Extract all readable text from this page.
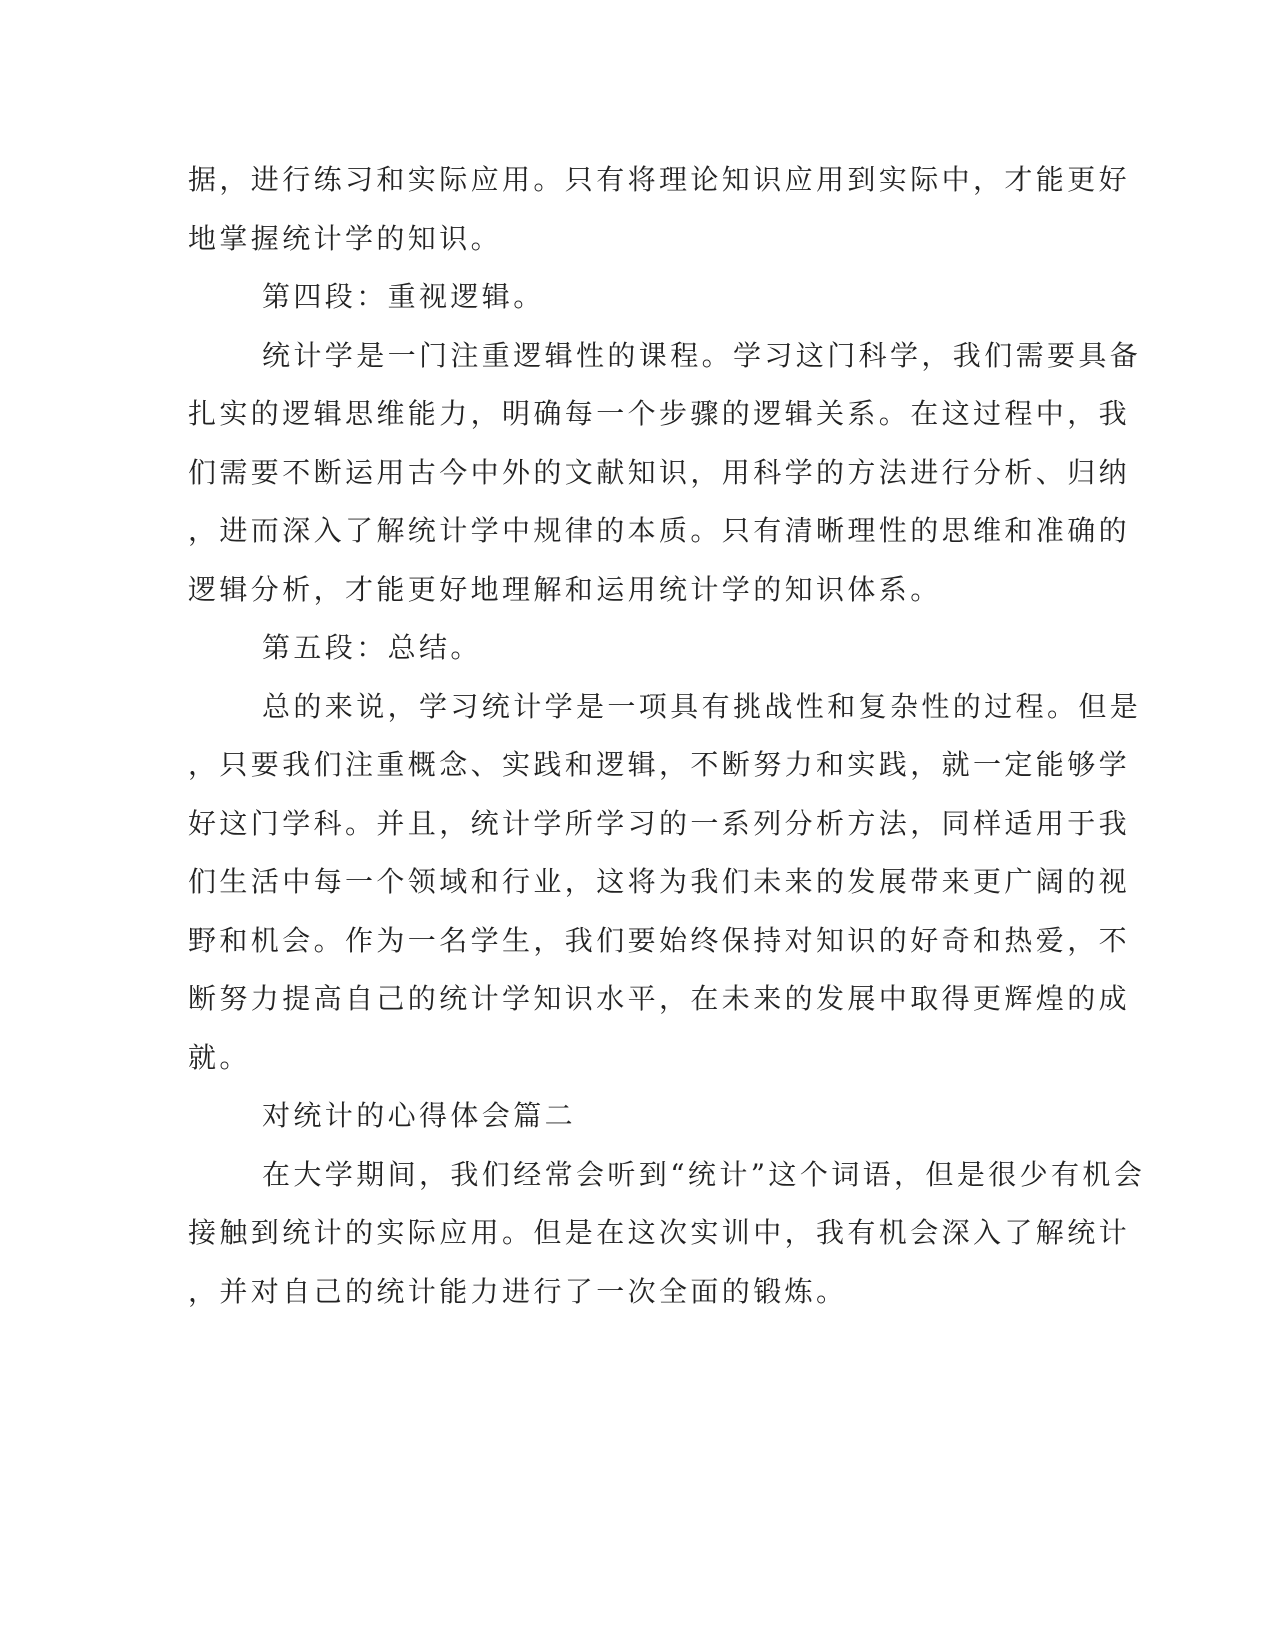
据，进行练习和实际应用。只有将理论知识应用到实际中，才能更好
地掌握统计学的知识。
第四段：重视逻辑。
统计学是一门注重逻辑性的课程。学习这门科学，我们需要具备
扎实的逻辑思维能力，明确每一个步骤的逻辑关系。在这过程中，我
们需要不断运用古今中外的文献知识，用科学的方法进行分析、归纳
，进而深入了解统计学中规律的本质。只有清晰理性的思维和准确的
逻辑分析，才能更好地理解和运用统计学的知识体系。
第五段：总结。
总的来说，学习统计学是一项具有挑战性和复杂性的过程。但是
，只要我们注重概念、实践和逻辑，不断努力和实践，就一定能够学
好这门学科。并且，统计学所学习的一系列分析方法，同样适用于我
们生活中每一个领域和行业，这将为我们未来的发展带来更广阔的视
野和机会。作为一名学生，我们要始终保持对知识的好奇和热爱，不
断努力提高自己的统计学知识水平，在未来的发展中取得更辉煌的成
就。
对统计的心得体会篇二
在大学期间，我们经常会听到“统计”这个词语，但是很少有机会
接触到统计的实际应用。但是在这次实训中，我有机会深入了解统计
，并对自己的统计能力进行了一次全面的锻炼。
